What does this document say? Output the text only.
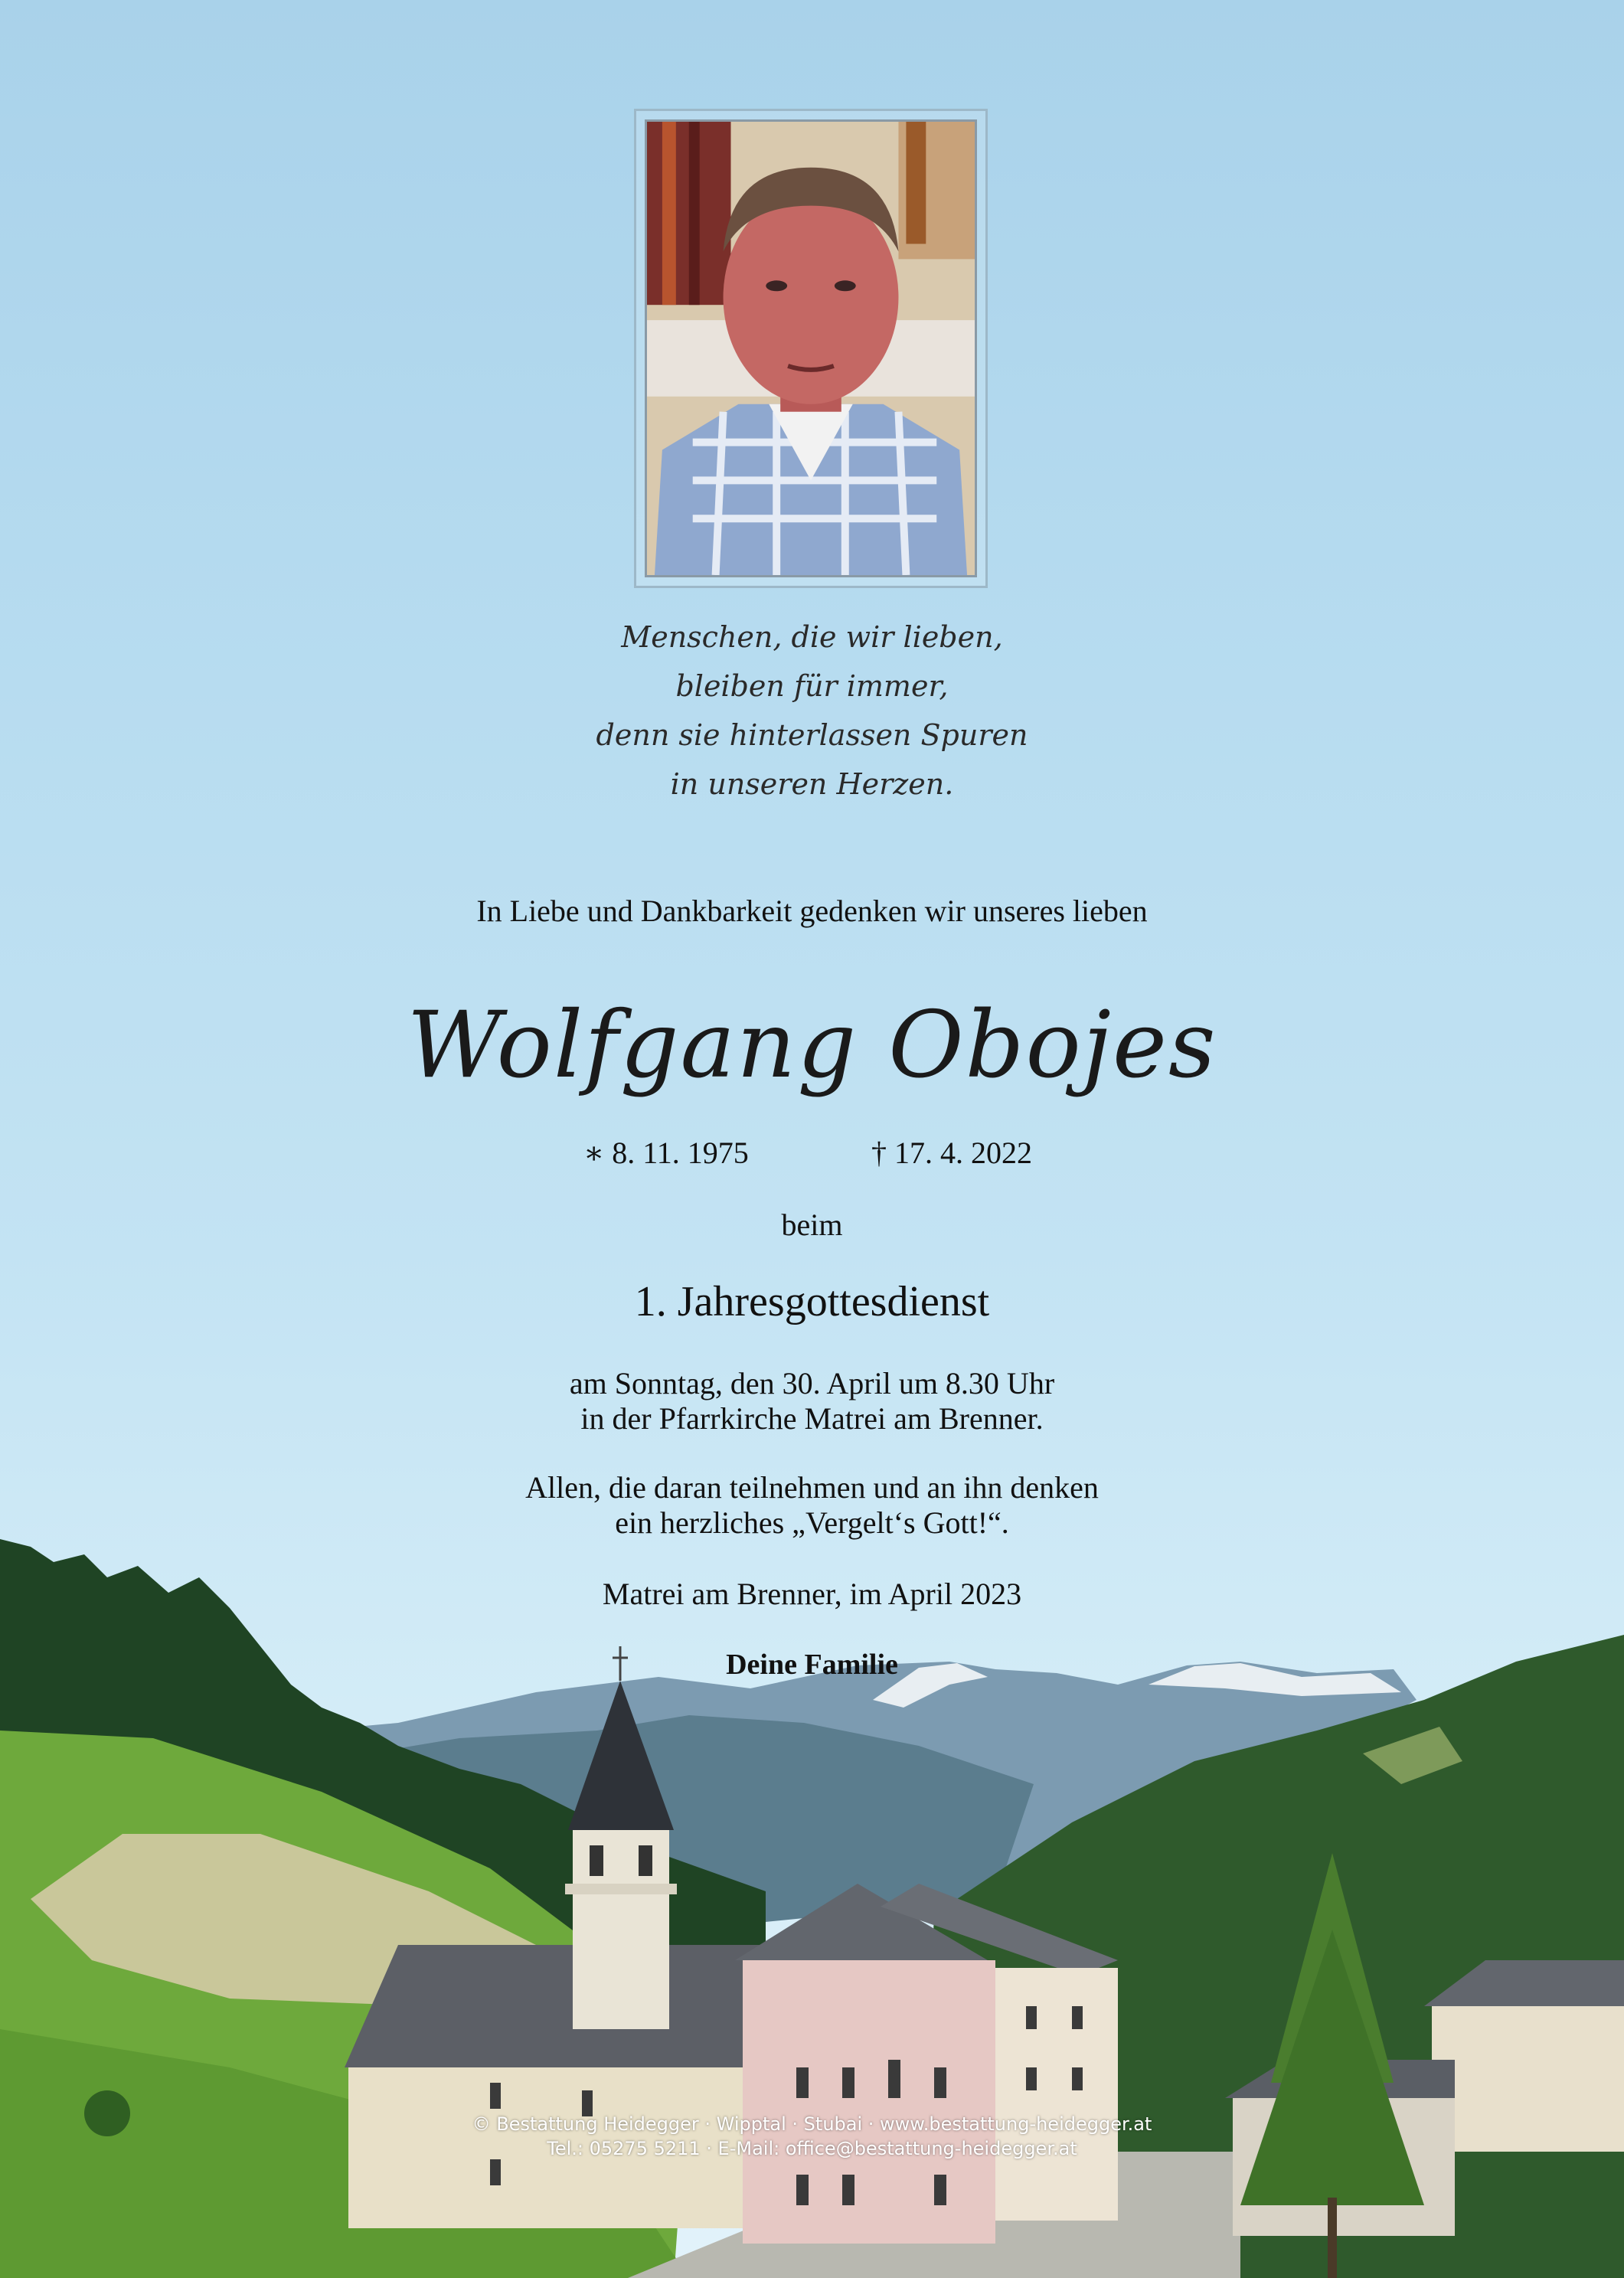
Menschen, die wir lieben,
bleiben für immer,
denn sie hinterlassen Spuren
in unseren Herzen.
In Liebe und Dankbarkeit gedenken wir unseres lieben
Wolfgang Obojes
∗ 8. 11. 1975	† 17. 4. 2022
beim
1. Jahresgottesdienst
am Sonntag, den 30. April um 8.30 Uhr
in der Pfarrkirche Matrei am Brenner.
Allen, die daran teilnehmen und an ihn denken
ein herzliches „Vergelt‘s Gott!“.
Matrei am Brenner, im April 2023
Deine Familie
© Bestattung Heidegger · Wipptal · Stubai · www.bestattung-heidegger.at
Tel.: 05275 5211 · E-Mail: office@bestattung-heidegger.at
